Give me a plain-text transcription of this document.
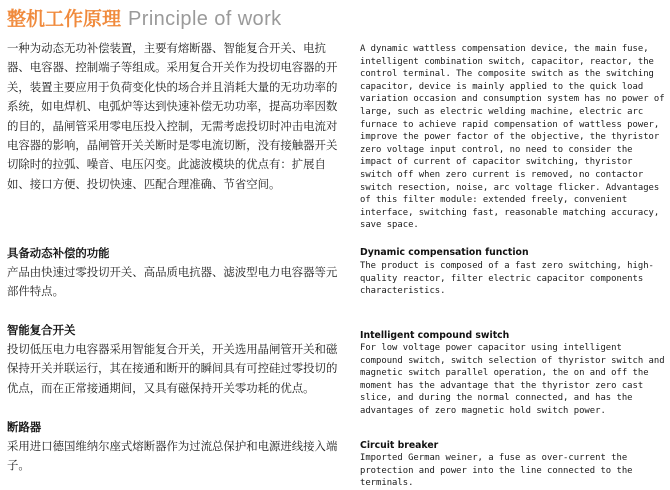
整机工作原理 Principle of work

一种为动态无功补偿装置，主要有熔断器、智能复合开关、电抗器、电容器、控制端子等组成。采用复合开关作为投切电容器的开关，装置主要应用于负荷变化快的场合并且消耗大量的无功功率的系统，如电焊机、电弧炉等达到快速补偿无功功率，提高功率因数的目的，晶闸管采用零电压投入控制，无需考虑投切时冲击电流对电容器的影响，晶闸管开关关断时是零电流切断，没有接触器开关切除时的拉弧、噪音、电压闪变。此滤波模块的优点有：扩展自如、接口方便、投切快速、匹配合理准确、节省空间。

A dynamic wattless compensation device, the main fuse, intelligent combination switch, capacitor, reactor, the control terminal. The composite switch as the switching capacitor, device is mainly applied to the quick load variation occasion and consumption system has no power of large, such as electric welding machine, electric arc furnace to achieve rapid compensation of wattless power, improve the power factor of the objective, the thyristor zero voltage input control, no need to consider the impact of current of capacitor switching, thyristor switch off when zero current is removed, no contactor switch resection, noise, arc voltage flicker. Advantages of this filter module: extended freely, convenient interface, switching fast, reasonable matching accuracy, save space.

具备动态补偿的功能

产品由快速过零投切开关、高品质电抗器、滤波型电力电容器等元部件特点。

Dynamic compensation function

The product is composed of a fast zero switching, high-quality reactor, filter electric capacitor components characteristics.

智能复合开关

投切低压电力电容器采用智能复合开关，开关选用晶闸管开关和磁保持开关并联运行，其在接通和断开的瞬间具有可控硅过零投切的优点，而在正常接通期间，又具有磁保持开关零功耗的优点。

Intelligent compound switch

For low voltage power capacitor using intelligent compound switch, switch selection of thyristor switch and magnetic switch parallel operation, the on and off the moment has the advantage that the thyristor zero cast slice, and during the normal connected, and has the advantages of zero magnetic hold switch power.

断路器

采用进口德国维纳尔座式熔断器作为过流总保护和电源进线接入端子。

Circuit breaker

Imported German weiner, a fuse as over-current the protection and power into the line connected to the terminals.
